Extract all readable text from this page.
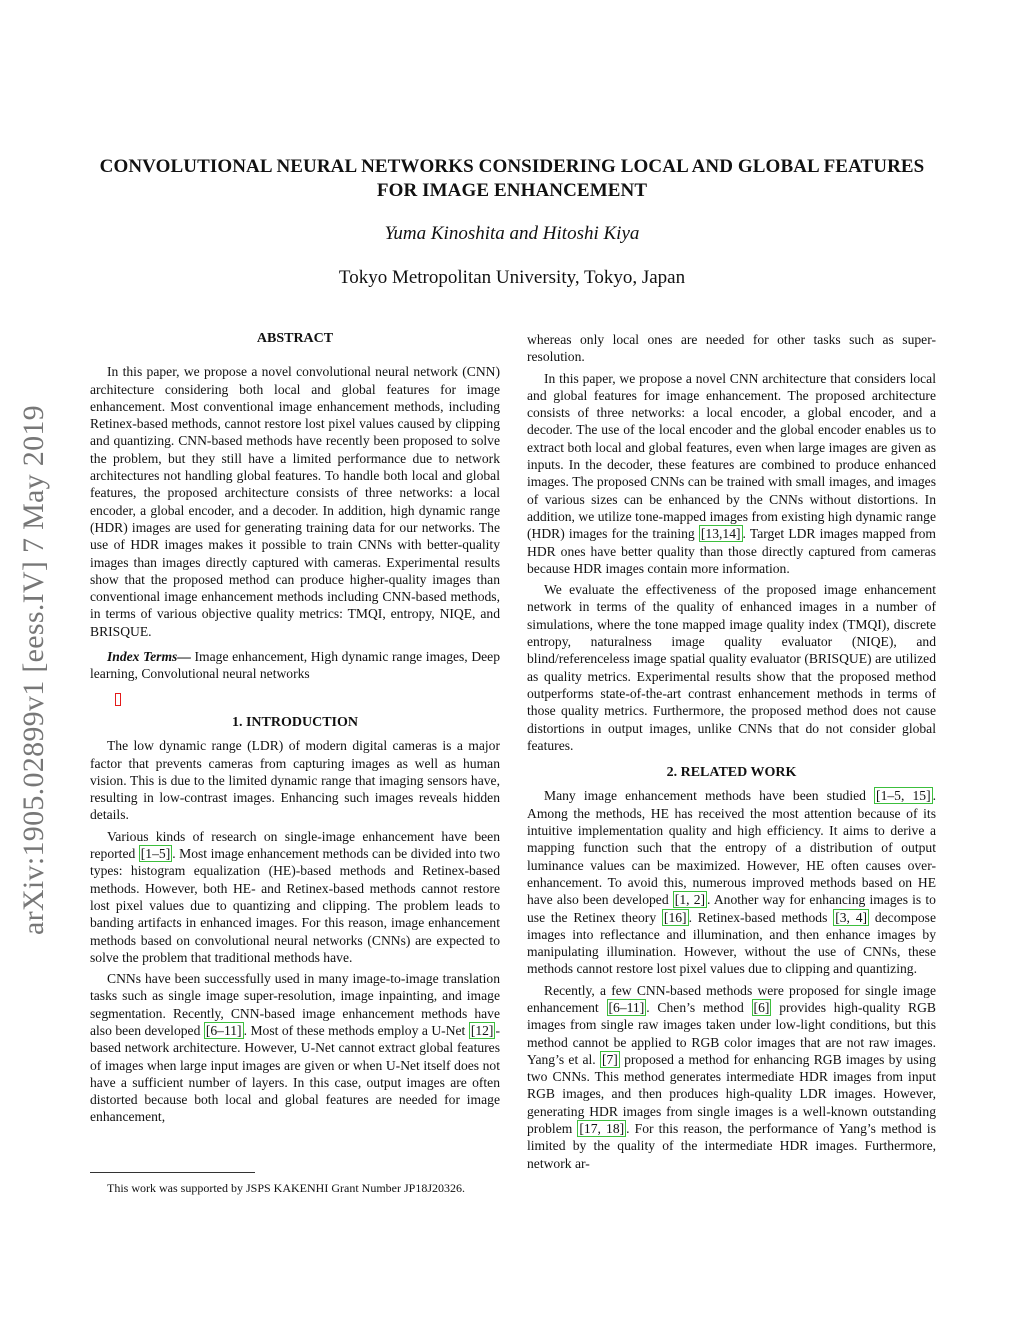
CONVOLUTIONAL NEURAL NETWORKS CONSIDERING LOCAL AND GLOBAL FEATURES FOR IMAGE ENHANCEMENT
Yuma Kinoshita and Hitoshi Kiya
Tokyo Metropolitan University, Tokyo, Japan
arXiv:1905.02899v1 [eess.IV] 7 May 2019
ABSTRACT

In this paper, we propose a novel convolutional neural network (CNN) architecture considering both local and global features for image enhancement. Most conventional image enhancement methods, including Retinex-based methods, cannot restore lost pixel values caused by clipping and quantizing. CNN-based methods have recently been proposed to solve the problem, but they still have a limited performance due to network architectures not handling global features. To handle both local and global features, the proposed architecture consists of three networks: a local encoder, a global encoder, and a decoder. In addition, high dynamic range (HDR) images are used for generating training data for our networks. The use of HDR images makes it possible to train CNNs with better-quality images than images directly captured with cameras. Experimental results show that the proposed method can produce higher-quality images than conventional image enhancement methods including CNN-based methods, in terms of various objective quality metrics: TMQI, entropy, NIQE, and BRISQUE.

Index Terms— Image enhancement, High dynamic range images, Deep learning, Convolutional neural networks

1. INTRODUCTION

The low dynamic range (LDR) of modern digital cameras is a major factor that prevents cameras from capturing images as well as human vision. This is due to the limited dynamic range that imaging sensors have, resulting in low-contrast images. Enhancing such images reveals hidden details.

Various kinds of research on single-image enhancement have been reported [1–5] . Most image enhancement methods can be divided into two types: histogram equalization (HE)-based methods and Retinex-based methods. However, both HE- and Retinex-based methods cannot restore lost pixel values due to quantizing and clipping. The problem leads to banding artifacts in enhanced images. For this reason, image enhancement methods based on convolutional neural networks (CNNs) are expected to solve the problem that traditional methods have.

CNNs have been successfully used in many image-to-image translation tasks such as single image super-resolution, image inpainting, and image segmentation. Recently, CNN-based image enhancement methods have also been developed [6–11] . Most of these methods employ a U-Net [12] -based network architecture. However, U-Net cannot extract global features of images when large input images are given or when U-Net itself does not have a sufficient number of layers. In this case, output images are often distorted because both local and global features are needed for image enhancement,

This work was supported by JSPS KAKENHI Grant Number JP18J20326.

whereas only local ones are needed for other tasks such as super-resolution.

In this paper, we propose a novel CNN architecture that considers local and global features for image enhancement. The proposed architecture consists of three networks: a local encoder, a global encoder, and a decoder. The use of the local encoder and the global encoder enables us to extract both local and global features, even when large images are given as inputs. In the decoder, these features are combined to produce enhanced images. The proposed CNNs can be trained with small images, and images of various sizes can be enhanced by the CNNs without distortions. In addition, we utilize tone-mapped images from existing high dynamic range (HDR) images for the training [13,14] . Target LDR images mapped from HDR ones have better quality than those directly captured from cameras because HDR images contain more information.

We evaluate the effectiveness of the proposed image enhancement network in terms of the quality of enhanced images in a number of simulations, where the tone mapped image quality index (TMQI), discrete entropy, naturalness image quality evaluator (NIQE), and blind/referenceless image spatial quality evaluator (BRISQUE) are utilized as quality metrics. Experimental results show that the proposed method outperforms state-of-the-art contrast enhancement methods in terms of those quality metrics. Furthermore, the proposed method does not cause distortions in output images, unlike CNNs that do not consider global features.

2. RELATED WORK

Many image enhancement methods have been studied [1–5, 15] . Among the methods, HE has received the most attention because of its intuitive implementation quality and high efficiency. It aims to derive a mapping function such that the entropy of a distribution of output luminance values can be maximized. However, HE often causes over-enhancement. To avoid this, numerous improved methods based on HE have also been developed [1, 2] . Another way for enhancing images is to use the Retinex theory [16] . Retinex-based methods [3, 4] decompose images into reflectance and illumination, and then enhance images by manipulating illumination. However, without the use of CNNs, these methods cannot restore lost pixel values due to clipping and quantizing.

Recently, a few CNN-based methods were proposed for single image enhancement [6–11] . Chen’s method [6] provides high-quality RGB images from single raw images taken under low-light conditions, but this method cannot be applied to RGB color images that are not raw images. Yang’s et al. [7] proposed a method for enhancing RGB images by using two CNNs. This method generates intermediate HDR images from input RGB images, and then produces high-quality LDR images. However, generating HDR images from single images is a well-known outstanding problem [17, 18] . For this reason, the performance of Yang’s method is limited by the quality of the intermediate HDR images. Furthermore, network ar-
